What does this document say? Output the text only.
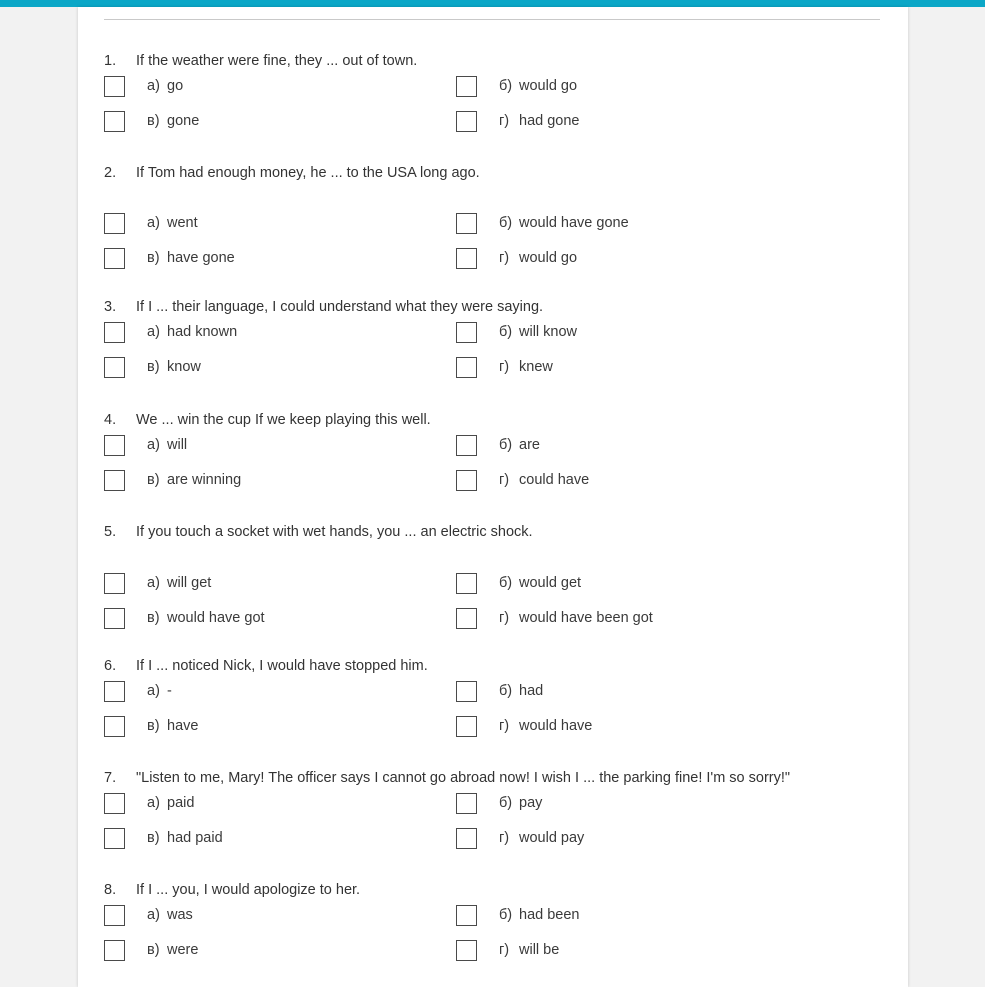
1. If the weather were fine, they ... out of town.
а) go	б) would go
в) gone	г) had gone
2. If Tom had enough money, he ... to the USA long ago.
а) went	б) would have gone
в) have gone	г) would go
3. If I ... their language, I could understand what they were saying.
а) had known	б) will know
в) know	г) knew
4. We ... win the cup If we keep playing this well.
а) will	б) are
в) are winning	г) could have
5. If you touch a socket with wet hands, you ... an electric shock.
а) will get	б) would get
в) would have got	г) would have been got
6. If I ... noticed Nick, I would have stopped him.
а) -	б) had
в) have	г) would have
7. "Listen to me, Mary! The officer says I cannot go abroad now! I wish I ... the parking fine! I'm so sorry!"
а) paid	б) pay
в) had paid	г) would pay
8. If I ... you, I would apologize to her.
а) was	б) had been
в) were	г) will be
